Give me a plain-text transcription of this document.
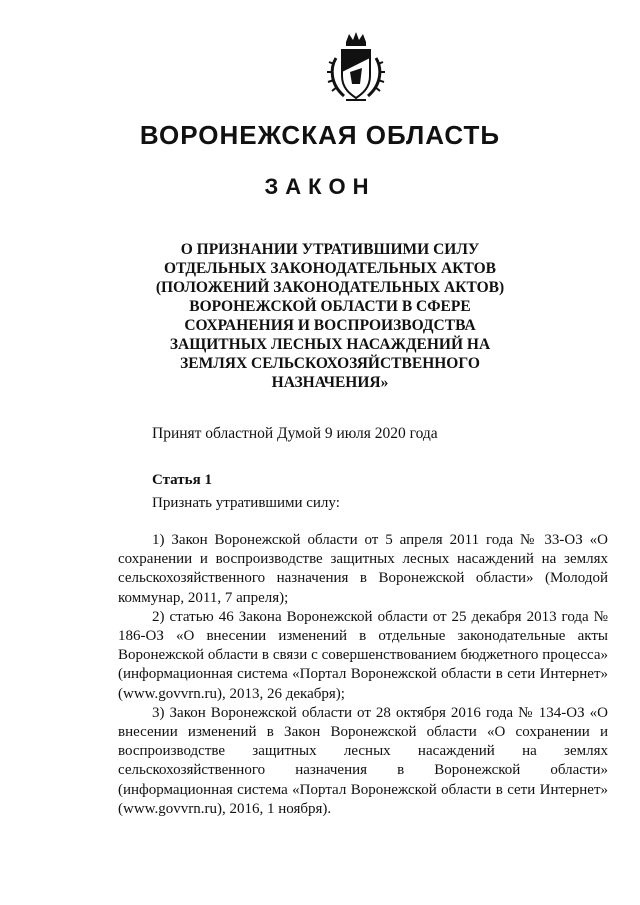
ВОРОНЕЖСКАЯ ОБЛАСТЬ
ЗАКОН
О ПРИЗНАНИИ УТРАТИВШИМИ СИЛУ
ОТДЕЛЬНЫХ ЗАКОНОДАТЕЛЬНЫХ АКТОВ
(ПОЛОЖЕНИЙ ЗАКОНОДАТЕЛЬНЫХ АКТОВ)
ВОРОНЕЖСКОЙ ОБЛАСТИ В СФЕРЕ
СОХРАНЕНИЯ И ВОСПРОИЗВОДСТВА
ЗАЩИТНЫХ ЛЕСНЫХ НАСАЖДЕНИЙ НА
ЗЕМЛЯХ СЕЛЬСКОХОЗЯЙСТВЕННОГО
НАЗНАЧЕНИЯ»
Принят областной Думой 9 июля 2020 года
Статья 1
Признать утратившими силу:

1) Закон Воронежской области от 5 апреля 2011 года № 33-ОЗ «О сохранении и воспроизводстве защитных лесных насаждений на землях сельскохозяйственного назначения в Воронежской области» (Молодой коммунар, 2011, 7 апреля);

2) статью 46 Закона Воронежской области от 25 декабря 2013 года № 186-ОЗ «О внесении изменений в отдельные законодательные акты Воронежской области в связи с совершенствованием бюджетного процесса» (информационная система «Портал Воронежской области в сети Интернет» (www.govvrn.ru), 2013, 26 декабря);

3) Закон Воронежской области от 28 октября 2016 года № 134-ОЗ «О внесении изменений в Закон Воронежской области «О сохранении и воспроизводстве защитных лесных насаждений на землях сельскохозяйственного назначения в Воронежской области» (информационная система «Портал Воронежской области в сети Интернет» (www.govvrn.ru), 2016, 1 ноября).
